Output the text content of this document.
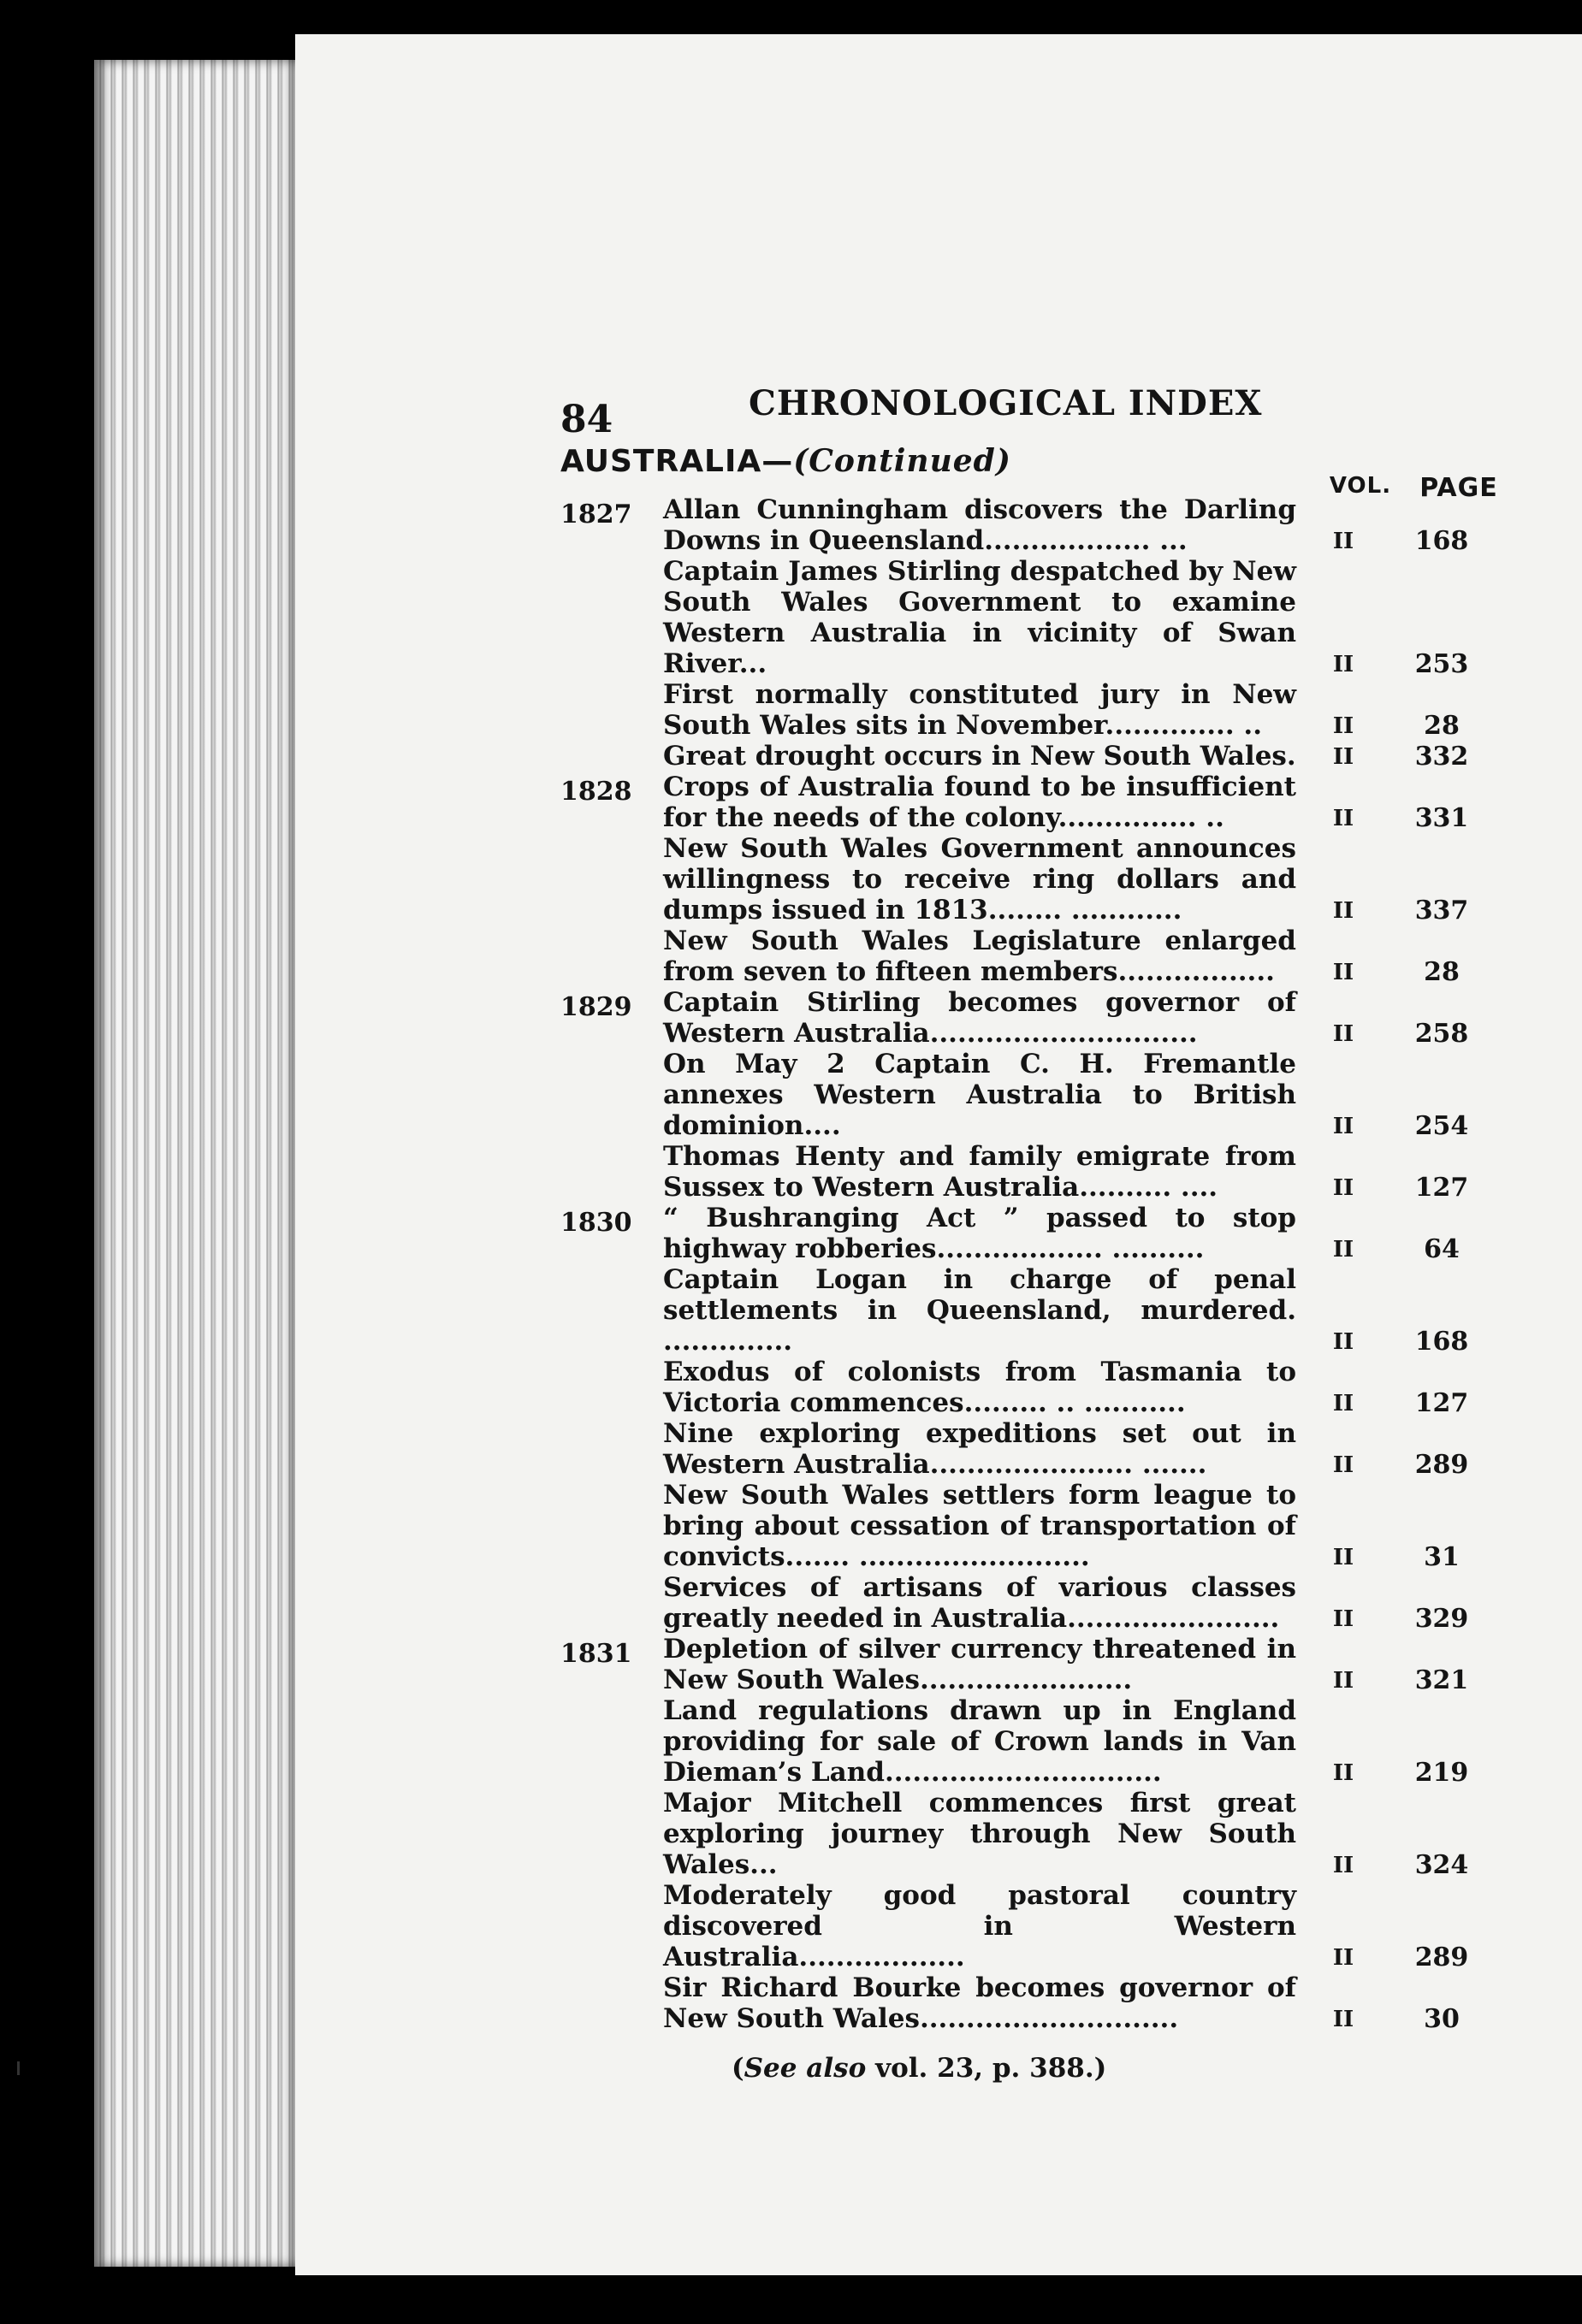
84	CHRONOLOGICAL INDEX
AUSTRALIA—(Continued)
VOL.	PAGE
1827	Allan Cunningham discovers the Darling Downs in Queensland.................. ...	II	168
Captain James Stirling despatched by New South Wales Government to examine Western Australia in vicinity of Swan River...	II	253
First normally constituted jury in New South Wales sits in November.............. ..	II	28
Great drought occurs in New South Wales.	II	332
1828	Crops of Australia found to be insufficient for the needs of the colony............... ..	II	331
New South Wales Government announces willingness to receive ring dollars and dumps issued in 1813........ ............	II	337
New South Wales Legislature enlarged from seven to fifteen members.................	II	28
1829	Captain Stirling becomes governor of Western Australia.............................	II	258
On May 2 Captain C. H. Fremantle annexes Western Australia to British dominion....	II	254
Thomas Henty and family emigrate from Sussex to Western Australia.......... ....	II	127
1830	“ Bushranging Act ” passed to stop highway robberies.................. ..........	II	64
Captain Logan in charge of penal settlements in Queensland, murdered. ..............	II	168
Exodus of colonists from Tasmania to Victoria commences......... .. ...........	II	127
Nine exploring expeditions set out in Western Australia...................... .......	II	289
New South Wales settlers form league to bring about cessation of transportation of convicts....... .........................	II	31
Services of artisans of various classes greatly needed in Australia.......................	II	329
1831	Depletion of silver currency threatened in New South Wales.......................	II	321
Land regulations drawn up in England providing for sale of Crown lands in Van Dieman’s Land..............................	II	219
Major Mitchell commences first great exploring journey through New South Wales...	II	324
Moderately good pastoral country discovered in Western Australia..................	II	289
Sir Richard Bourke becomes governor of New South Wales............................	II	30
(See also vol. 23, p. 388.)
